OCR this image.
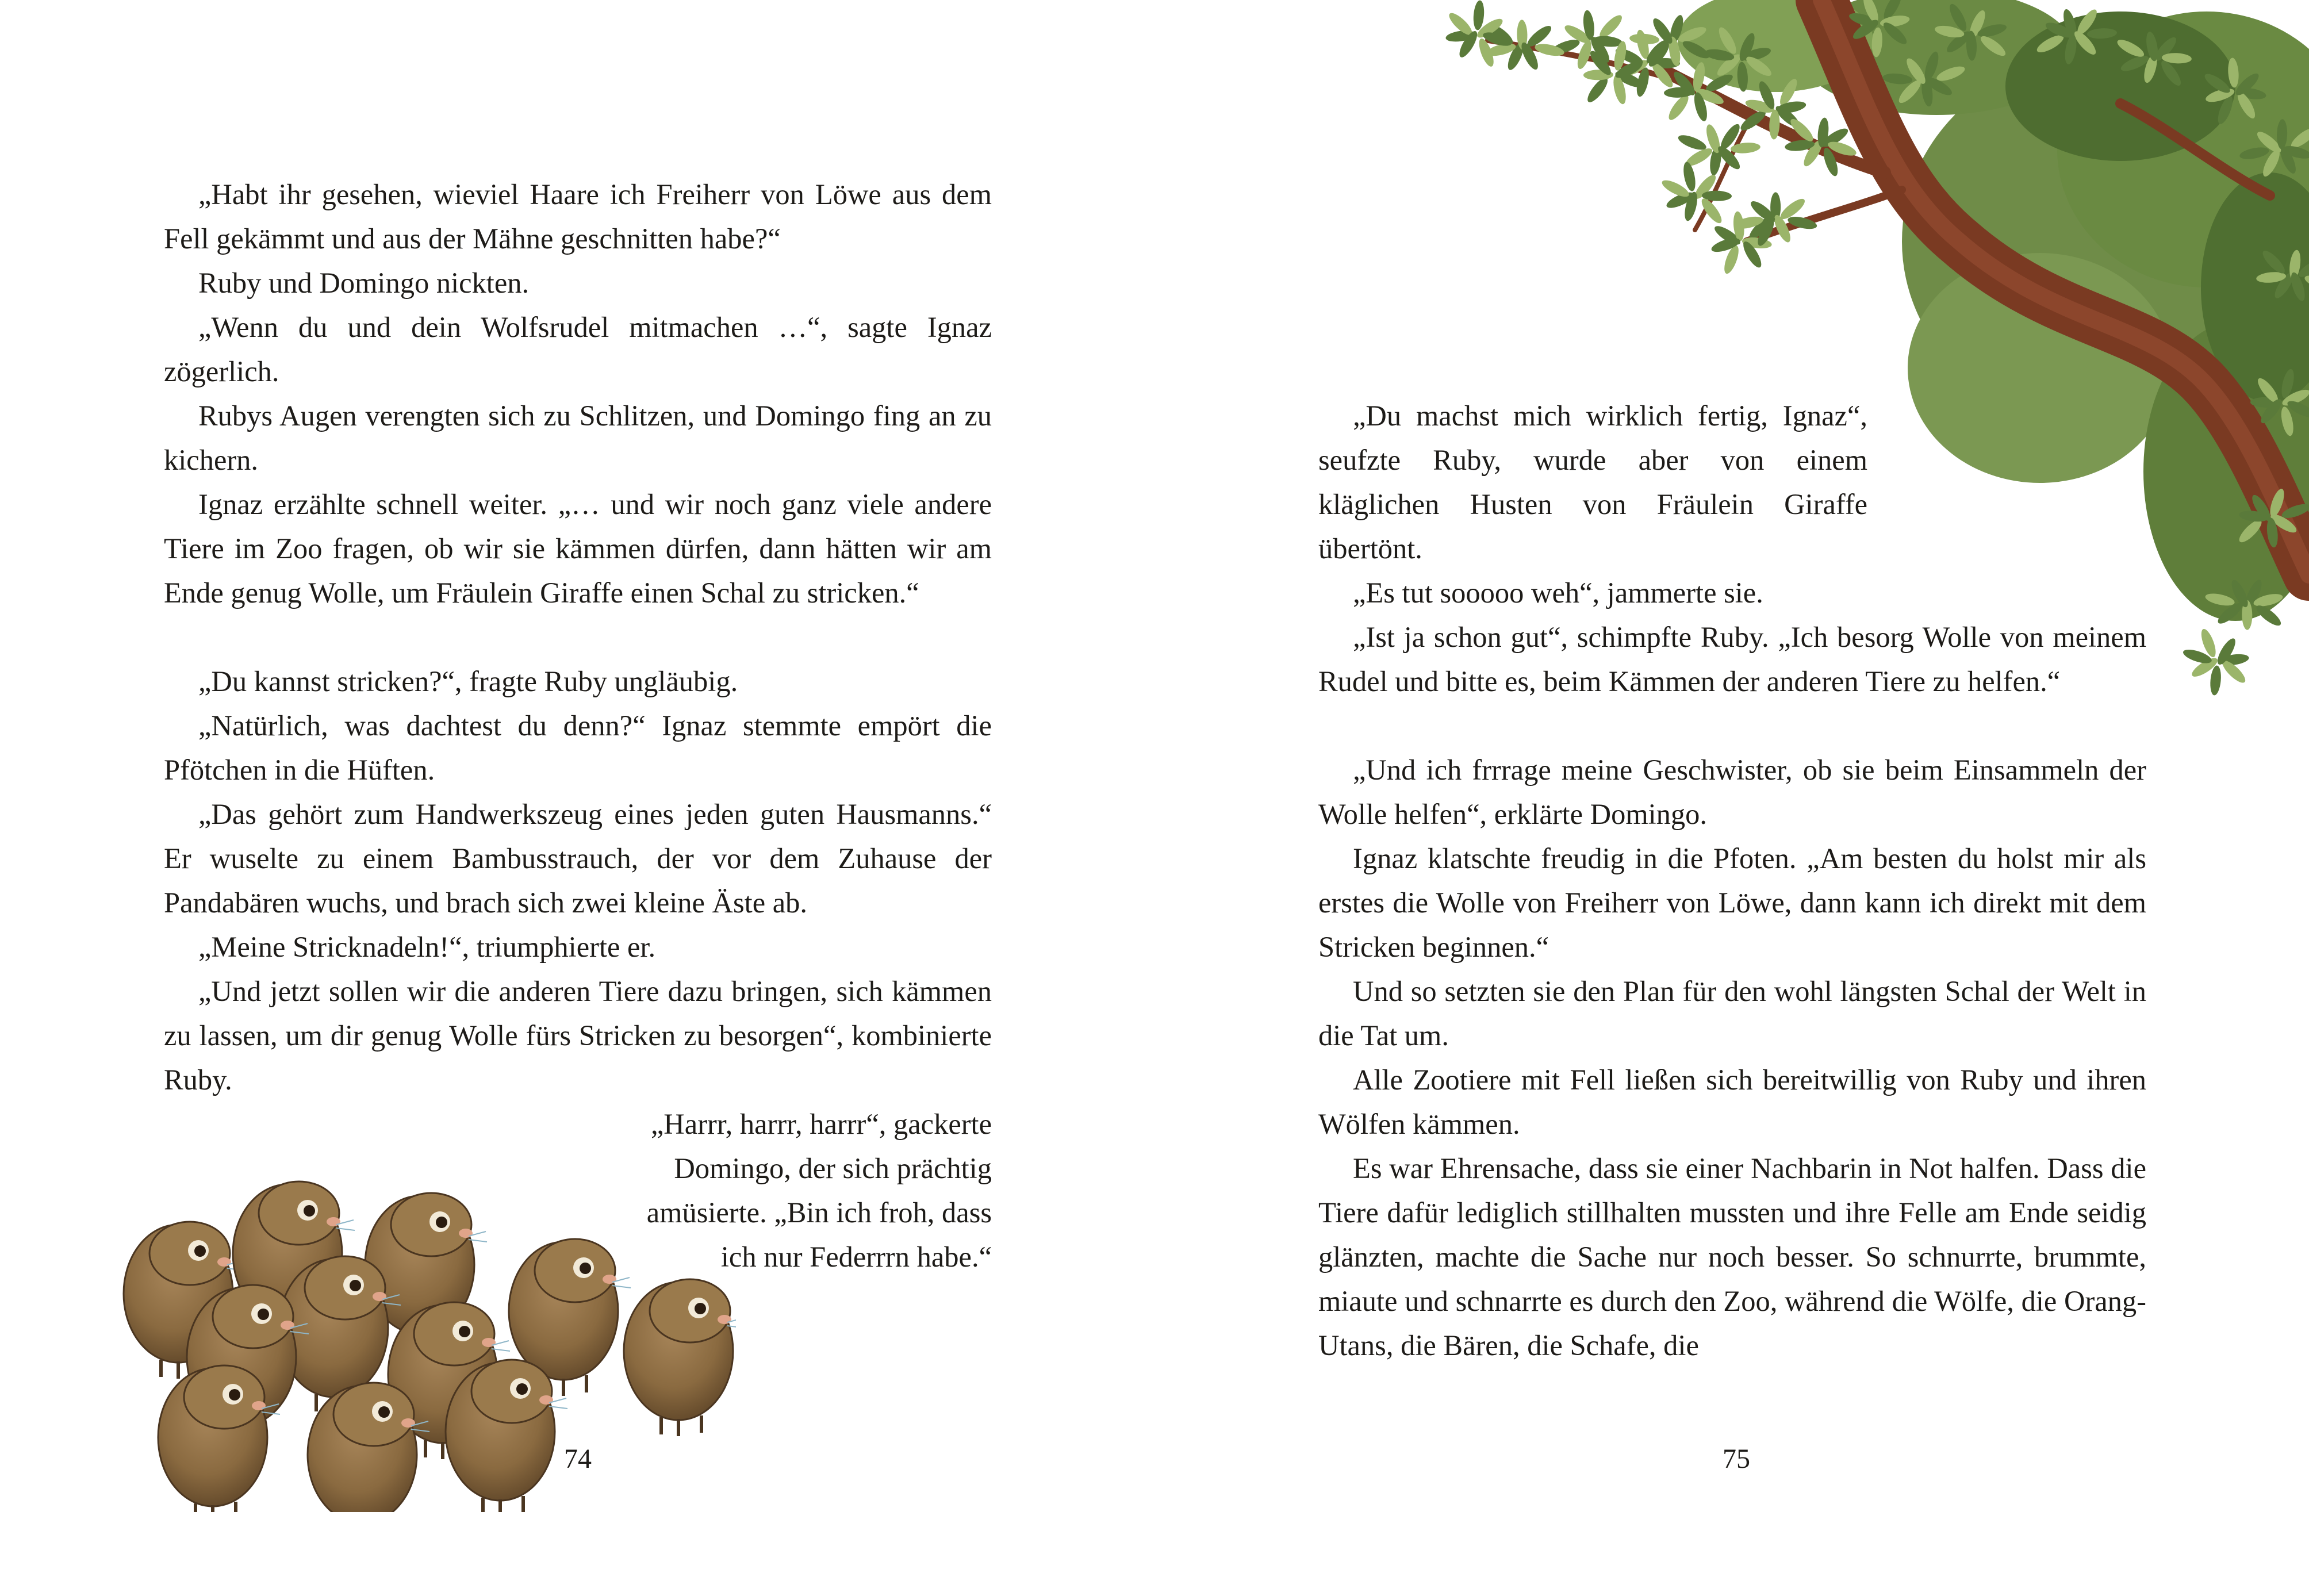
„Habt ihr gesehen, wieviel Haare ich Freiherr von Löwe aus dem Fell gekämmt und aus der Mähne geschnitten habe?“

Ruby und Domingo nickten.

„Wenn du und dein Wolfsrudel mitmachen …“, sagte Ignaz zögerlich.

Rubys Augen verengten sich zu Schlitzen, und Domingo fing an zu kichern.

Ignaz erzählte schnell weiter. „… und wir noch ganz viele andere Tiere im Zoo fragen, ob wir sie kämmen dürfen, dann hätten wir am Ende genug Wolle, um Fräulein Giraffe einen Schal zu stricken.“

„Du kannst stricken?“, fragte Ruby ungläubig.

„Natürlich, was dachtest du denn?“ Ignaz stemmte empört die Pfötchen in die Hüften.

„Das gehört zum Handwerkszeug eines jeden guten Hausmanns.“ Er wuselte zu einem Bambusstrauch, der vor dem Zuhause der Pandabären wuchs, und brach sich zwei kleine Äste ab.

„Meine Stricknadeln!“, triumphierte er.

„Und jetzt sollen wir die anderen Tiere dazu bringen, sich kämmen zu lassen, um dir genug Wolle fürs Stricken zu besorgen“, kombinierte Ruby.

„Harrr, harrr, harrr“, gackerte Domingo, der sich prächtig amüsierte. „Bin ich froh, dass ich nur Federrrn habe.“

74

„Du machst mich wirklich fertig, Ignaz“, seufzte Ruby, wurde aber von einem kläglichen Husten von Fräulein Giraffe übertönt.

„Es tut sooooo weh“, jammerte sie.

„Ist ja schon gut“, schimpfte Ruby. „Ich besorg Wolle von meinem Rudel und bitte es, beim Kämmen der anderen Tiere zu helfen.“

„Und ich frrrage meine Geschwister, ob sie beim Einsammeln der Wolle helfen“, erklärte Domingo.

Ignaz klatschte freudig in die Pfoten. „Am besten du holst mir als erstes die Wolle von Freiherr von Löwe, dann kann ich direkt mit dem Stricken beginnen.“

Und so setzten sie den Plan für den wohl längsten Schal der Welt in die Tat um.

Alle Zootiere mit Fell ließen sich bereitwillig von Ruby und ihren Wölfen kämmen.

Es war Ehrensache, dass sie einer Nachbarin in Not halfen. Dass die Tiere dafür lediglich stillhalten mussten und ihre Felle am Ende seidig glänzten, machte die Sache nur noch besser. So schnurrte, brummte, miaute und schnarrte es durch den Zoo, während die Wölfe, die Orang-Utans, die Bären, die Schafe, die

75
